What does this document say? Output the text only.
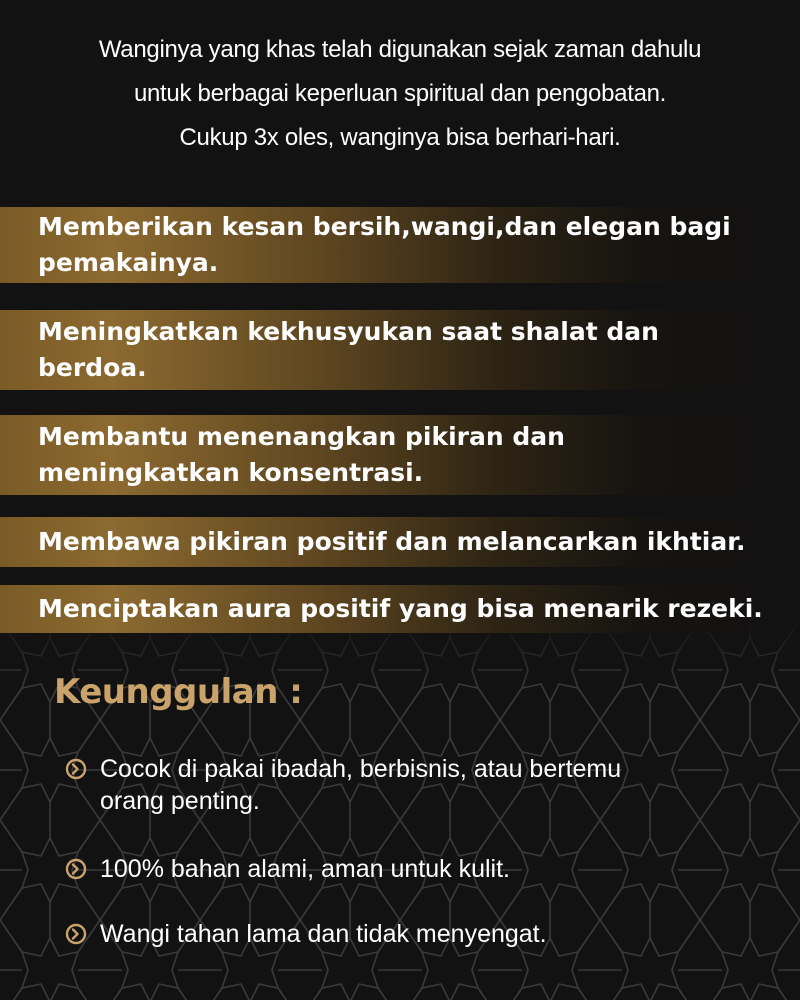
Wanginya yang khas telah digunakan sejak zaman dahulu
untuk berbagai keperluan spiritual dan pengobatan.
Cukup 3x oles, wanginya bisa berhari-hari.
Memberikan kesan bersih,wangi,dan elegan bagi
pemakainya.
Meningkatkan kekhusyukan saat shalat dan
berdoa.
Membantu menenangkan pikiran dan
meningkatkan konsentrasi.
Membawa pikiran positif dan melancarkan ikhtiar.
Menciptakan aura positif yang bisa menarik rezeki.
Keunggulan :
Cocok di pakai ibadah, berbisnis, atau bertemu
orang penting.
100% bahan alami, aman untuk kulit.
Wangi tahan lama dan tidak menyengat.
